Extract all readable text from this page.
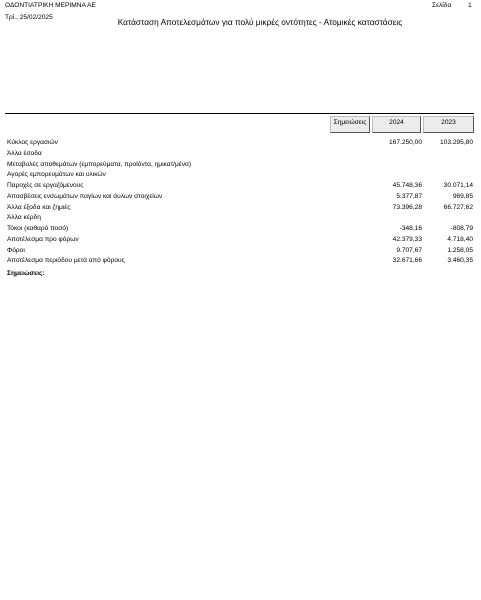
ΟΔΟΝΤΙΑΤΡΙΚΗ ΜΕΡΙΜΝΑ ΑΕ
Τρί., 25/02/2025
Σελίδα	1
Κατάσταση Αποτελεσμάτων για πολύ μικρές οντότητες - Ατομικές καταστάσεις
Σημειώσεις	2024	2023
Κύκλος εργασιών	167.250,00	103.295,80
Άλλα έσοδα
Μεταβολές αποθεμάτων (εμπορεύματα, προϊόντα, ημικατ/μένα)
Αγορές εμπορευμάτων και υλικών
Παροχές σε εργαζόμενους	45.748,36	30.071,14
Αποσβέσεις ενσωμάτων παγίων και άυλων στοιχείων	5.377,87	969,85
Άλλα έξοδα και ζημιές	73.396,28	66.727,62
Άλλα κέρδη
Τόκοι (καθαρό ποσό)	-348,16	-808,79
Αποτέλεσμα προ φόρων	42.379,33	4.718,40
Φόροι	9.707,67	1.258,05
Αποτέλεσμα περιόδου μετά από φόρους	32.671,66	3.460,35
Σημειώσεις:
